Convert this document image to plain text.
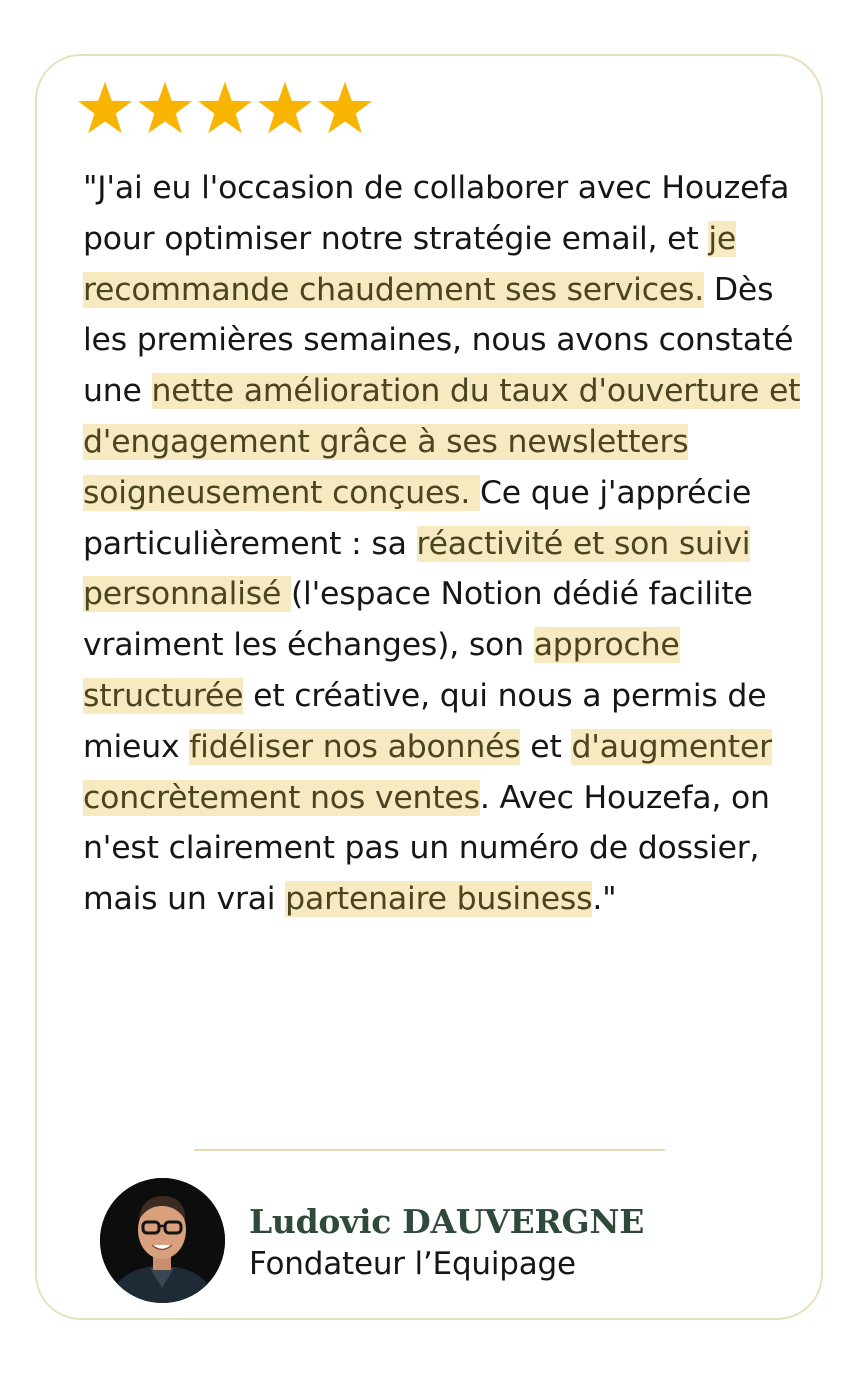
"J'ai eu l'occasion de collaborer avec Houzefa pour optimiser notre stratégie email, et je recommande chaudement ses services. Dès les premières semaines, nous avons constaté une nette amélioration du taux d'ouverture et d'engagement grâce à ses newsletters soigneusement conçues. Ce que j'apprécie particulièrement : sa réactivité et son suivi personnalisé (l'espace Notion dédié facilite vraiment les échanges), son approche structurée et créative, qui nous a permis de mieux fidéliser nos abonnés et d'augmenter concrètement nos ventes. Avec Houzefa, on n'est clairement pas un numéro de dossier, mais un vrai partenaire business."

Ludovic DAUVERGNE
Fondateur l’Equipage
